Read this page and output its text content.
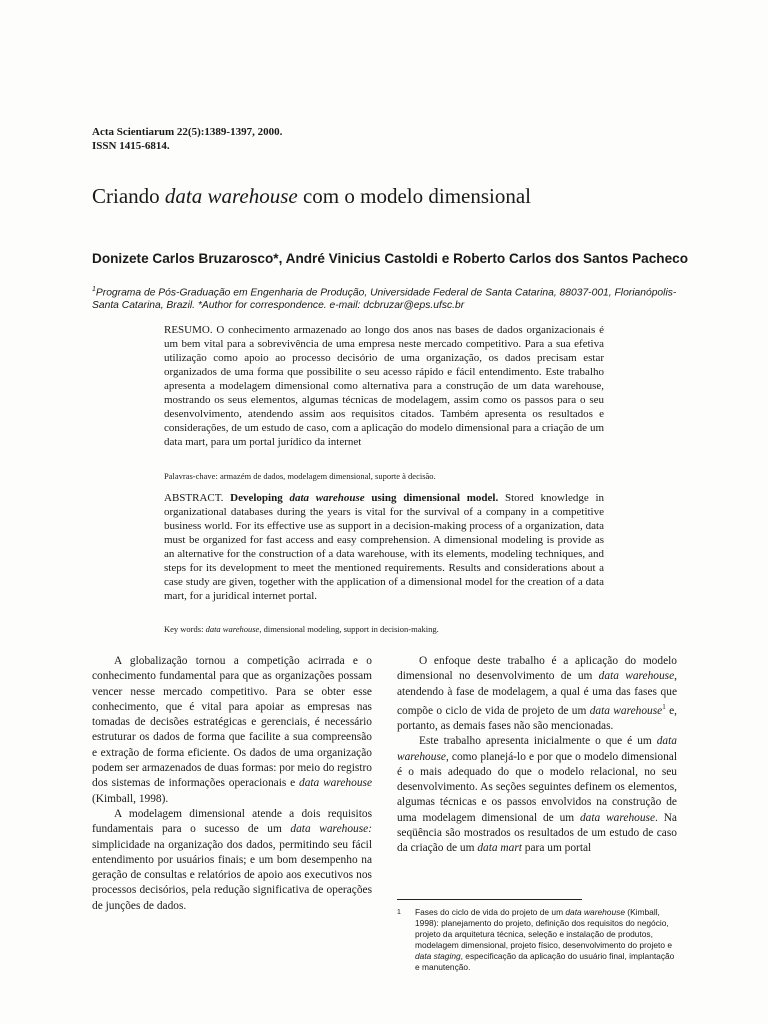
Acta Scientiarum 22(5):1389-1397, 2000.
ISSN 1415-6814.
Criando data warehouse com o modelo dimensional
Donizete Carlos Bruzarosco*, André Vinicius Castoldi e Roberto Carlos dos Santos Pacheco
$^1$Programa de Pós-Graduação em Engenharia de Produção, Universidade Federal de Santa Catarina, 88037-001, Florianópolis-Santa Catarina, Brazil. *Author for correspondence. e-mail: dcbruzar@eps.ufsc.br
RESUMO. O conhecimento armazenado ao longo dos anos nas bases de dados organizacionais é um bem vital para a sobrevivência de uma empresa neste mercado competitivo. Para a sua efetiva utilização como apoio ao processo decisório de uma organização, os dados precisam estar organizados de uma forma que possibilite o seu acesso rápido e fácil entendimento. Este trabalho apresenta a modelagem dimensional como alternativa para a construção de um data warehouse, mostrando os seus elementos, algumas técnicas de modelagem, assim como os passos para o seu desenvolvimento, atendendo assim aos requisitos citados. Também apresenta os resultados e considerações, de um estudo de caso, com a aplicação do modelo dimensional para a criação de um data mart, para um portal jurídico da internet
Palavras-chave: armazém de dados, modelagem dimensional, suporte à decisão.
ABSTRACT. Developing data warehouse using dimensional model. Stored knowledge in organizational databases during the years is vital for the survival of a company in a competitive business world. For its effective use as support in a decision-making process of a organization, data must be organized for fast access and easy comprehension. A dimensional modeling is provide as an alternative for the construction of a data warehouse, with its elements, modeling techniques, and steps for its development to meet the mentioned requirements. Results and considerations about a case study are given, together with the application of a dimensional model for the creation of a data mart, for a juridical internet portal.
Key words: data warehouse, dimensional modeling, support in decision-making.

A globalização tornou a competição acirrada e o conhecimento fundamental para que as organizações possam vencer nesse mercado competitivo. Para se obter esse conhecimento, que é vital para apoiar as empresas nas tomadas de decisões estratégicas e gerenciais, é necessário estruturar os dados de forma que facilite a sua compreensão e extração de forma eficiente. Os dados de uma organização podem ser armazenados de duas formas: por meio do registro dos sistemas de informações operacionais e data warehouse (Kimball, 1998).

A modelagem dimensional atende a dois requisitos fundamentais para o sucesso de um data warehouse: simplicidade na organização dos dados, permitindo seu fácil entendimento por usuários finais; e um bom desempenho na geração de consultas e relatórios de apoio aos executivos nos processos decisórios, pela redução significativa de operações de junções de dados.

O enfoque deste trabalho é a aplicação do modelo dimensional no desenvolvimento de um data warehouse, atendendo à fase de modelagem, a qual é uma das fases que compõe o ciclo de vida de projeto de um data warehouse$^1$ e, portanto, as demais fases não são mencionadas.

Este trabalho apresenta inicialmente o que é um data warehouse, como planejá-lo e por que o modelo dimensional é o mais adequado do que o modelo relacional, no seu desenvolvimento. As seções seguintes definem os elementos, algumas técnicas e os passos envolvidos na construção de uma modelagem dimensional de um data warehouse. Na seqüência são mostrados os resultados de um estudo de caso da criação de um data mart para um portal

1 Fases do ciclo de vida do projeto de um data warehouse (Kimball, 1998): planejamento do projeto, definição dos requisitos do negócio, projeto da arquitetura técnica, seleção e instalação de produtos, modelagem dimensional, projeto físico, desenvolvimento do projeto e data staging, especificação da aplicação do usuário final, implantação e manutenção.
